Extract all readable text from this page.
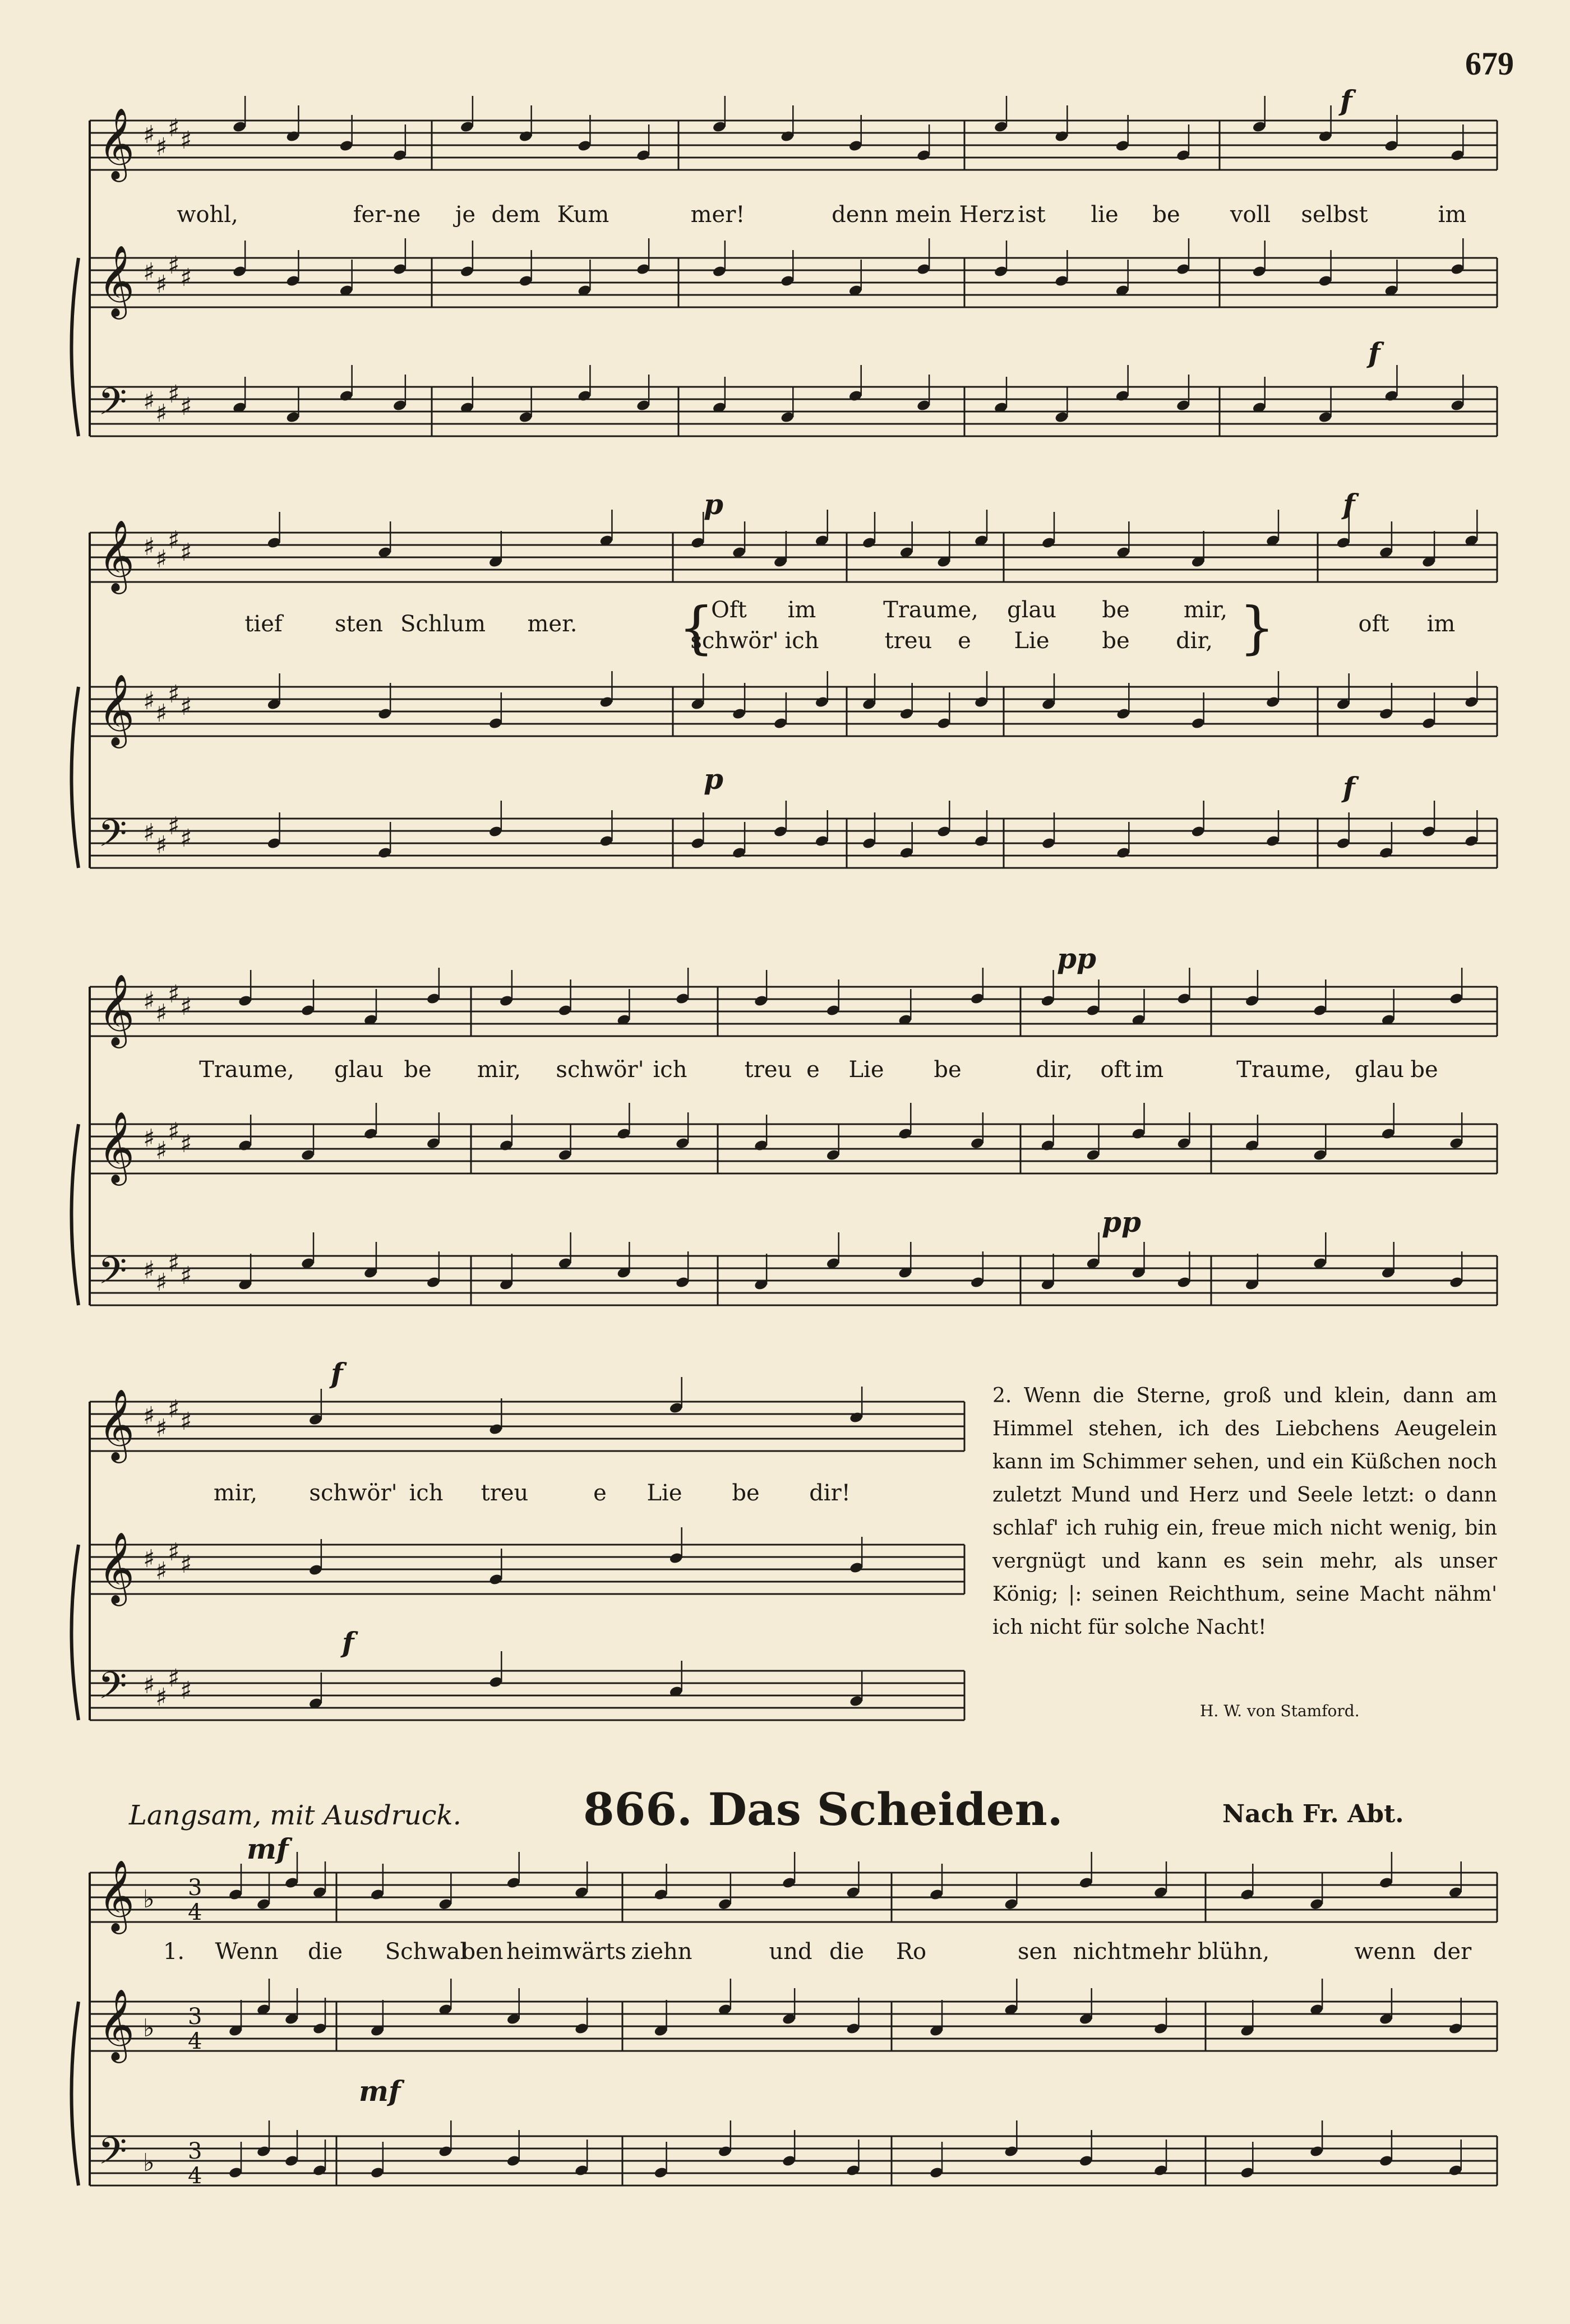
679
𝄞 ♯ ♯
♯ ♯
𝄞 ♯ ♯
♯ ♯
𝄢 ♯ ♯
♯ ♯
𝄞 ♯ ♯
♯ ♯
𝄞 ♯ ♯
♯ ♯
𝄢 ♯ ♯
♯ ♯
𝄞 ♯ ♯
♯ ♯
𝄞 ♯ ♯
♯ ♯
𝄢 ♯ ♯
♯ ♯
𝄞 ♯ ♯
♯ ♯
𝄞 ♯ ♯
♯ ♯
𝄢 ♯ ♯
♯ ♯
𝄞 ♭ 3
4
𝄞 ♭ 3
4
𝄢 ♭ 3
4
wohl,	fer-ne je dem Kum	mer!	denn mein Herz ist lie be voll selbst	im
f
f
tief sten Schlum mer. {
Oft im	Traume, glau be mir,
schwör' ich	treu e Lie be dir, }	oft im
p
p
f
f
Traume, glau be mir, schwör' ich	treu e Lie be	dir, oft im	Traume, glau be
pp
pp
mir, schwör' ich treu	e Lie be dir!
f
f
2. Wenn die Sterne, groß und klein, dann am Himmel stehen, ich des Liebchens Aeugelein kann im Schimmer sehen, und ein Küßchen noch zuletzt Mund und Herz und Seele letzt: o dann schlaf' ich ruhig ein, freue mich nicht wenig, bin vergnügt und kann es sein mehr, als unser König; |: seinen Reichthum, seine Macht nähm' ich nicht für solche Nacht!
H. W. von Stamford.
Langsam, mit Ausdruck.	866. Das Scheiden.	Nach Fr. Abt.
1. Wenn die Schwal
ben heimwärts ziehn	und die Ro	sen nicht mehr blühn,	wenn der
mf
mf
